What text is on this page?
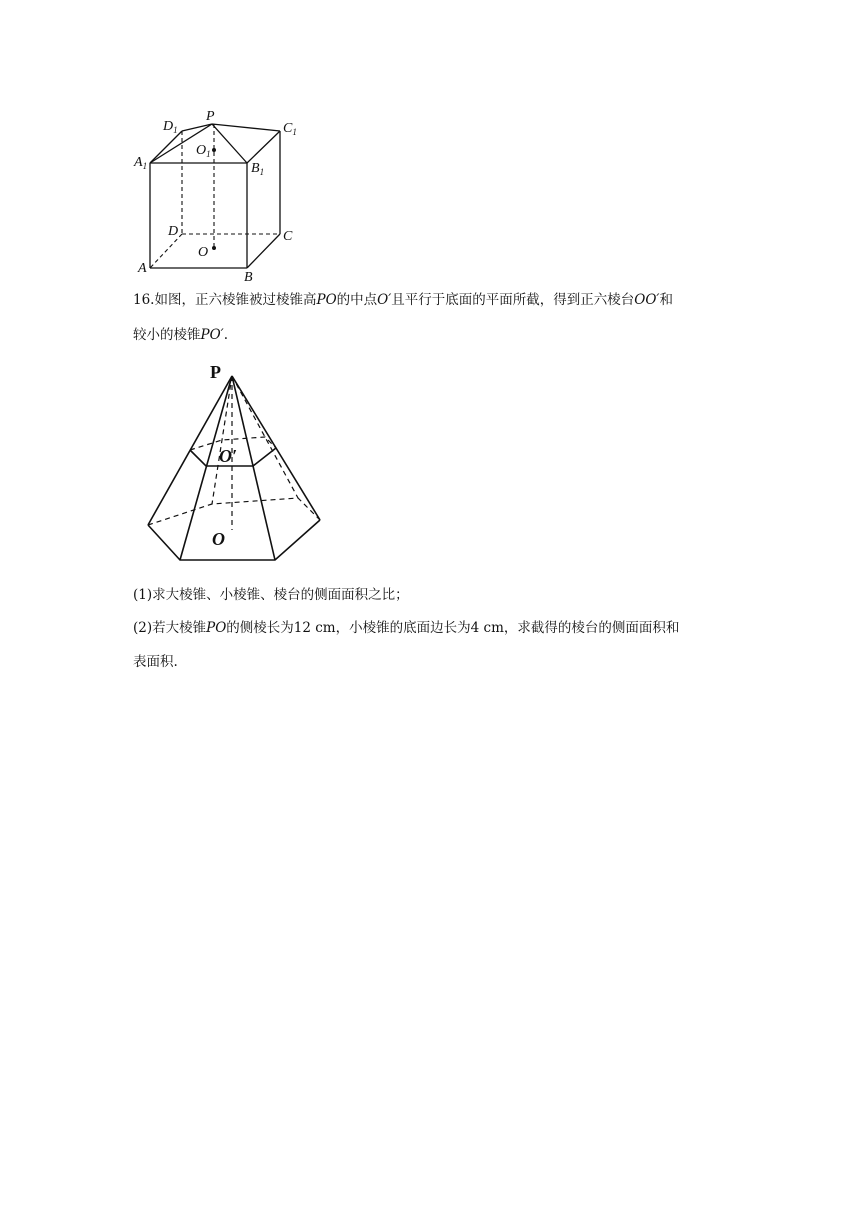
$D_1$
P
$C_1$
$O_1$
$A_1$	$B_1$
D	C
O
A
B
16.如图，正六棱锥被过棱锥高PO的中点O′且平行于底面的平面所截，得到正六棱台OO′和
较小的棱锥PO′.
P
O′
O
(1)求大棱锥、小棱锥、棱台的侧面面积之比；
(2)若大棱锥PO的侧棱长为12 cm，小棱锥的底面边长为4 cm，求截得的棱台的侧面面积和
表面积.
